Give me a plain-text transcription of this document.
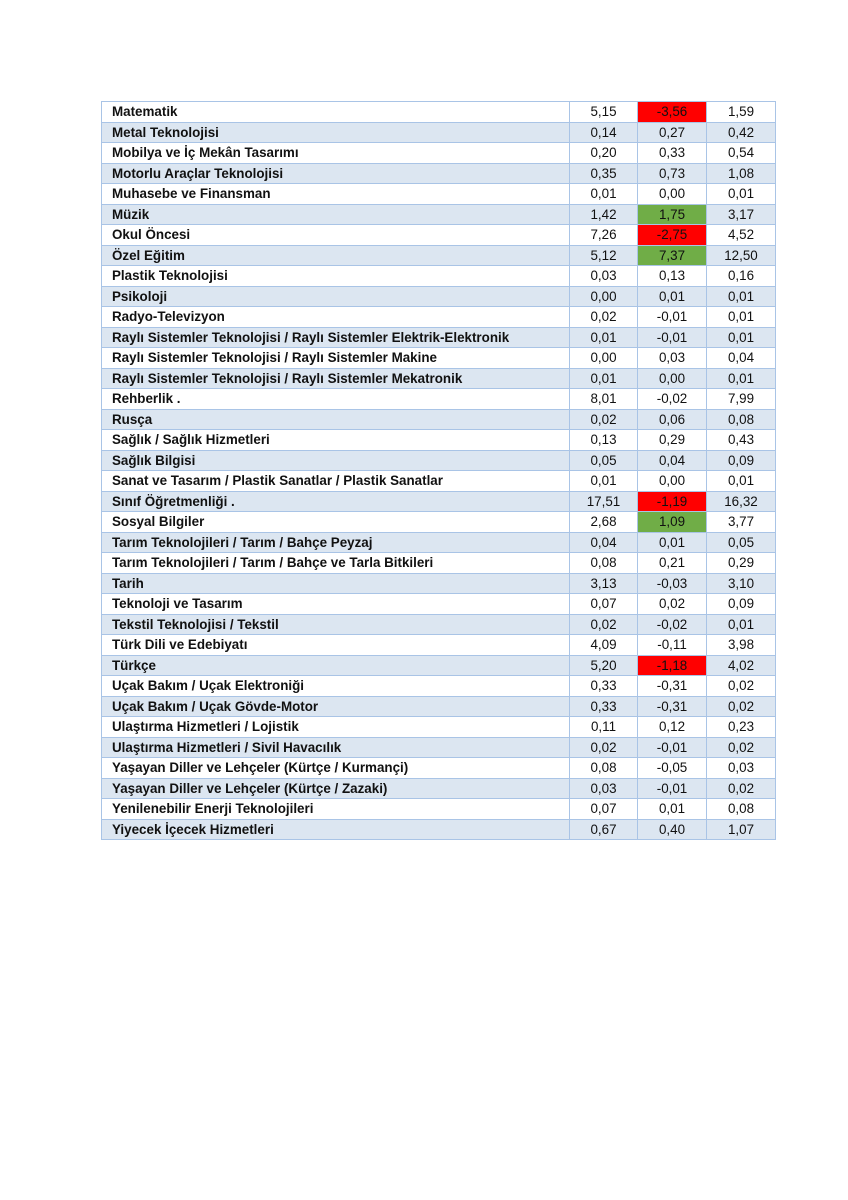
Matematik	5,15	-3,56	1,59
Metal Teknolojisi	0,14	0,27	0,42
Mobilya ve İç Mekân Tasarımı	0,20	0,33	0,54
Motorlu Araçlar Teknolojisi	0,35	0,73	1,08
Muhasebe ve Finansman	0,01	0,00	0,01
Müzik	1,42	1,75	3,17
Okul Öncesi	7,26	-2,75	4,52
Özel Eğitim	5,12	7,37	12,50
Plastik Teknolojisi	0,03	0,13	0,16
Psikoloji	0,00	0,01	0,01
Radyo-Televizyon	0,02	-0,01	0,01
Raylı Sistemler Teknolojisi / Raylı Sistemler Elektrik-Elektronik	0,01	-0,01	0,01
Raylı Sistemler Teknolojisi / Raylı Sistemler Makine	0,00	0,03	0,04
Raylı Sistemler Teknolojisi / Raylı Sistemler Mekatronik	0,01	0,00	0,01
Rehberlik .	8,01	-0,02	7,99
Rusça	0,02	0,06	0,08
Sağlık / Sağlık Hizmetleri	0,13	0,29	0,43
Sağlık Bilgisi	0,05	0,04	0,09
Sanat ve Tasarım / Plastik Sanatlar / Plastik Sanatlar	0,01	0,00	0,01
Sınıf Öğretmenliği .	17,51	-1,19	16,32
Sosyal Bilgiler	2,68	1,09	3,77
Tarım Teknolojileri / Tarım / Bahçe Peyzaj	0,04	0,01	0,05
Tarım Teknolojileri / Tarım / Bahçe ve Tarla Bitkileri	0,08	0,21	0,29
Tarih	3,13	-0,03	3,10
Teknoloji ve Tasarım	0,07	0,02	0,09
Tekstil Teknolojisi / Tekstil	0,02	-0,02	0,01
Türk Dili ve Edebiyatı	4,09	-0,11	3,98
Türkçe	5,20	-1,18	4,02
Uçak Bakım / Uçak Elektroniği	0,33	-0,31	0,02
Uçak Bakım / Uçak Gövde-Motor	0,33	-0,31	0,02
Ulaştırma Hizmetleri / Lojistik	0,11	0,12	0,23
Ulaştırma Hizmetleri / Sivil Havacılık	0,02	-0,01	0,02
Yaşayan Diller ve Lehçeler (Kürtçe / Kurmançi)	0,08	-0,05	0,03
Yaşayan Diller ve Lehçeler (Kürtçe / Zazaki)	0,03	-0,01	0,02
Yenilenebilir Enerji Teknolojileri	0,07	0,01	0,08
Yiyecek İçecek Hizmetleri	0,67	0,40	1,07
